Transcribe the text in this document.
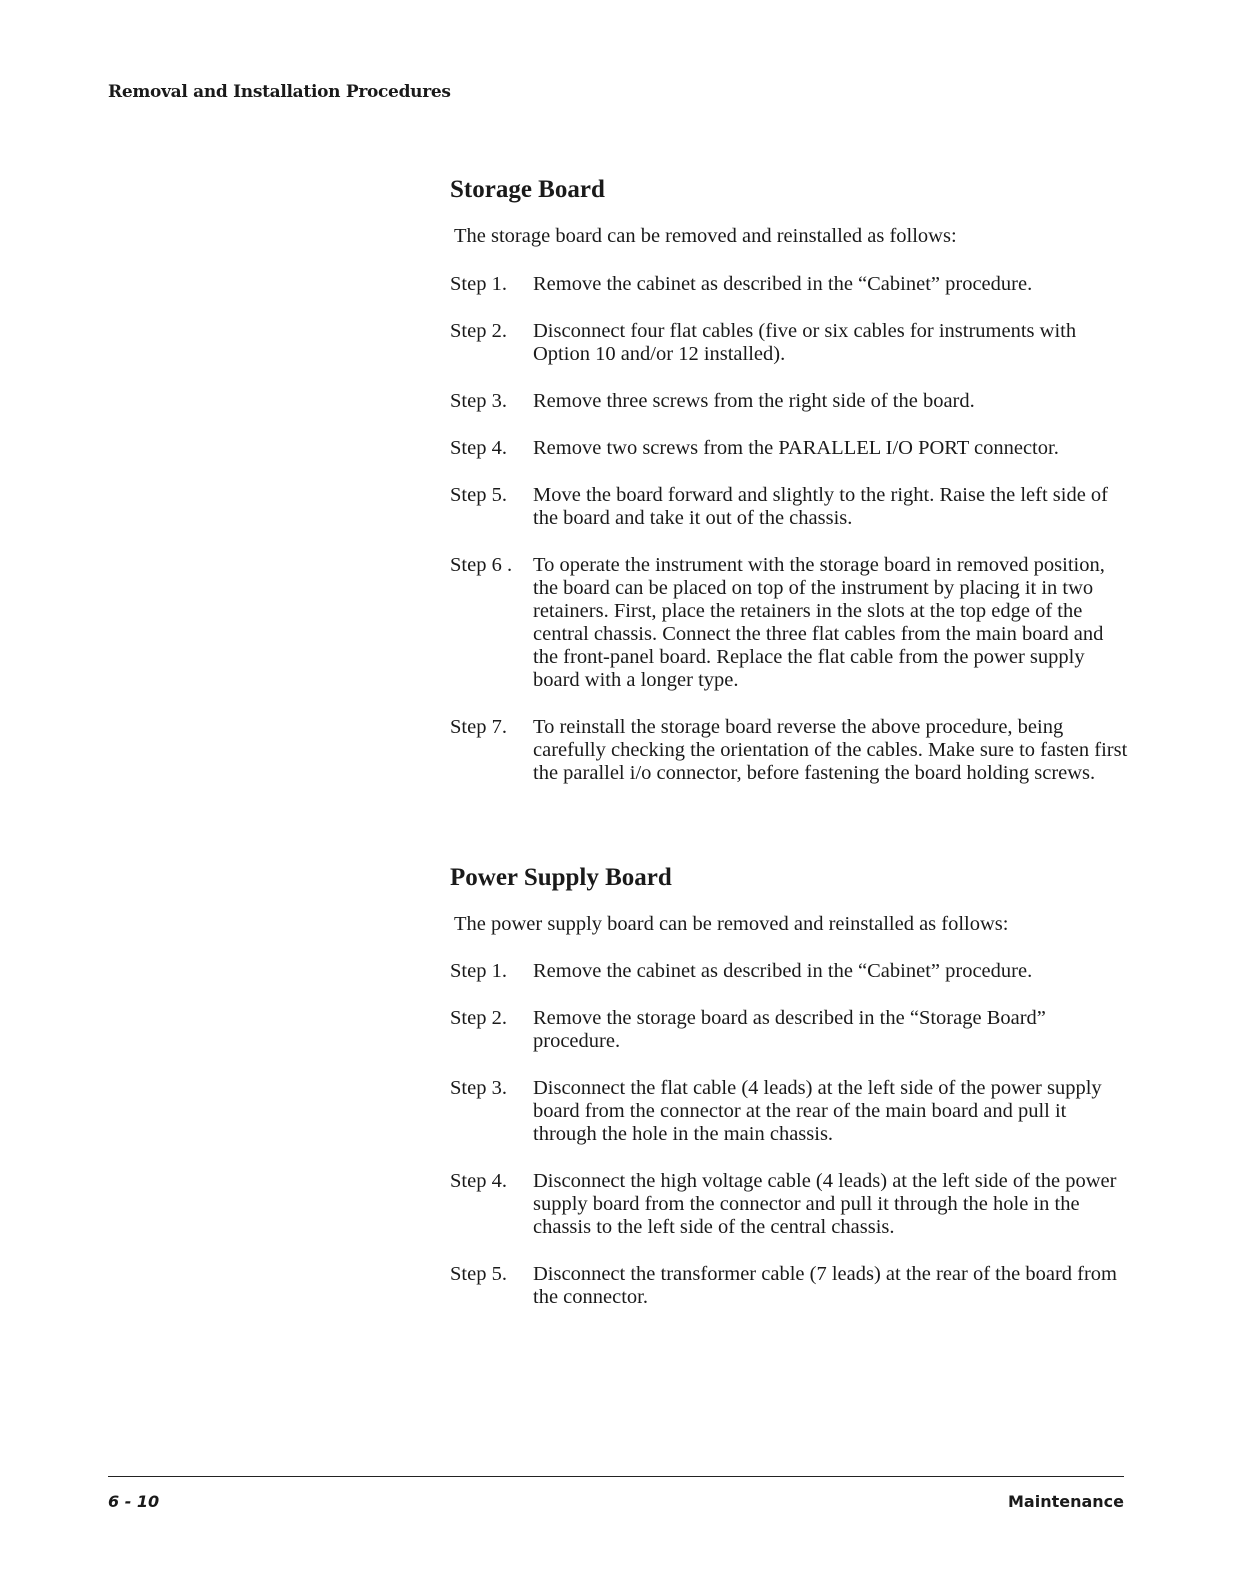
Removal and Installation Procedures
Storage Board

The storage board can be removed and reinstalled as follows:

Step 1.	Remove the cabinet as described in the “Cabinet” procedure.
Step 2.	Disconnect four flat cables (five or six cables for instruments with Option 10 and/or 12 installed).
Step 3.	Remove three screws from the right side of the board.
Step 4.	Remove two screws from the PARALLEL I/O PORT connector.
Step 5.	Move the board forward and slightly to the right. Raise the left side of the board and take it out of the chassis.
Step 6 .	To operate the instrument with the storage board in removed position, the board can be placed on top of the instrument by placing it in two retainers. First, place the retainers in the slots at the top edge of the central chassis. Connect the three flat cables from the main board and the front-panel board. Replace the flat cable from the power supply board with a longer type.
Step 7.	To reinstall the storage board reverse the above procedure, being carefully checking the orientation of the cables. Make sure to fasten first the parallel i/o connector, before fastening the board holding screws.
Power Supply Board

The power supply board can be removed and reinstalled as follows:

Step 1.	Remove the cabinet as described in the “Cabinet” procedure.
Step 2.	Remove the storage board as described in the “Storage Board” procedure.
Step 3.	Disconnect the flat cable (4 leads) at the left side of the power supply board from the connector at the rear of the main board and pull it through the hole in the main chassis.
Step 4.	Disconnect the high voltage cable (4 leads) at the left side of the power supply board from the connector and pull it through the hole in the chassis to the left side of the central chassis.
Step 5.	Disconnect the transformer cable (7 leads) at the rear of the board from the connector.
6 - 10	Maintenance
